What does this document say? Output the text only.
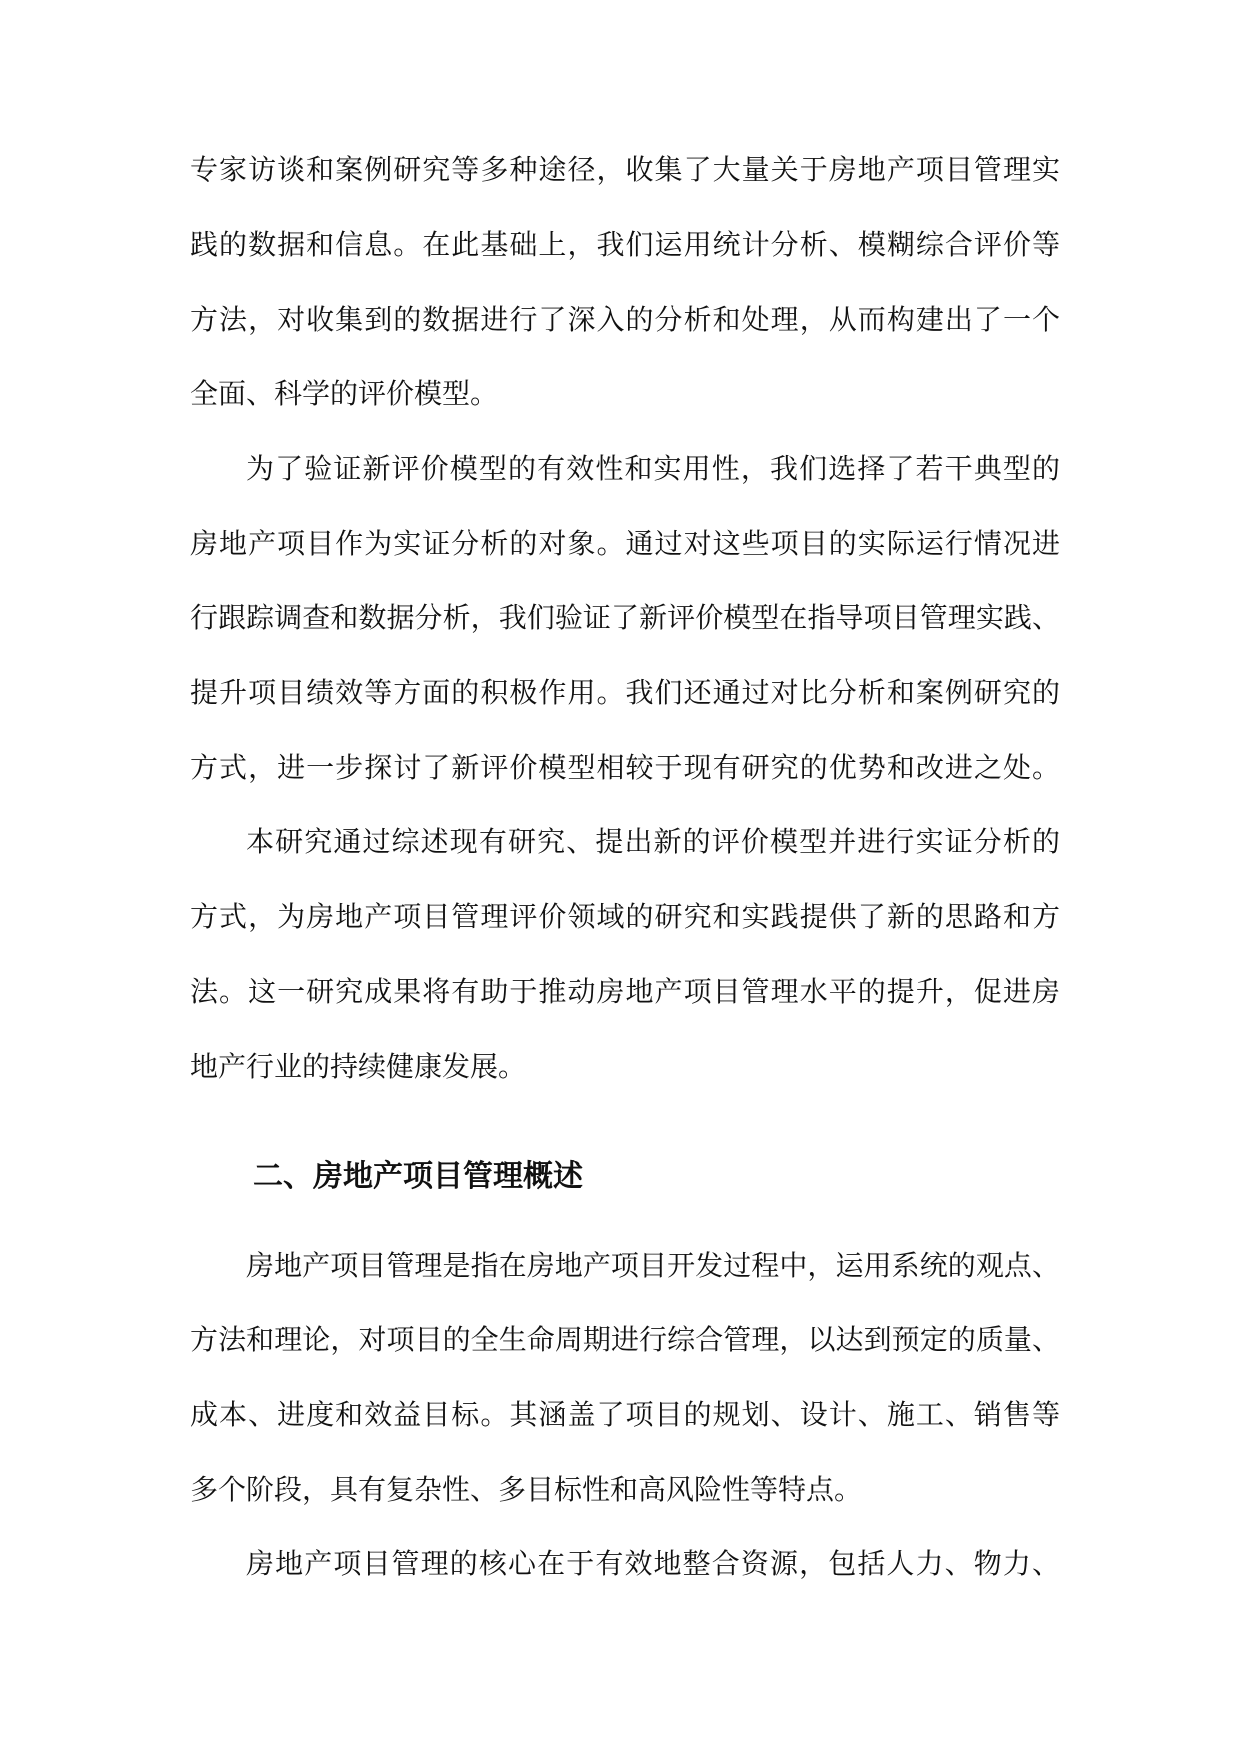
专家访谈和案例研究等多种途径，收集了大量关于房地产项目管理实
践的数据和信息。在此基础上，我们运用统计分析、模糊综合评价等
方法，对收集到的数据进行了深入的分析和处理，从而构建出了一个
全面、科学的评价模型。
为了验证新评价模型的有效性和实用性，我们选择了若干典型的
房地产项目作为实证分析的对象。通过对这些项目的实际运行情况进
行跟踪调查和数据分析，我们验证了新评价模型在指导项目管理实践、
提升项目绩效等方面的积极作用。我们还通过对比分析和案例研究的
方式，进一步探讨了新评价模型相较于现有研究的优势和改进之处。
本研究通过综述现有研究、提出新的评价模型并进行实证分析的
方式，为房地产项目管理评价领域的研究和实践提供了新的思路和方
法。这一研究成果将有助于推动房地产项目管理水平的提升，促进房
地产行业的持续健康发展。
二、房地产项目管理概述
房地产项目管理是指在房地产项目开发过程中，运用系统的观点、
方法和理论，对项目的全生命周期进行综合管理，以达到预定的质量、
成本、进度和效益目标。其涵盖了项目的规划、设计、施工、销售等
多个阶段，具有复杂性、多目标性和高风险性等特点。
房地产项目管理的核心在于有效地整合资源，包括人力、物力、
